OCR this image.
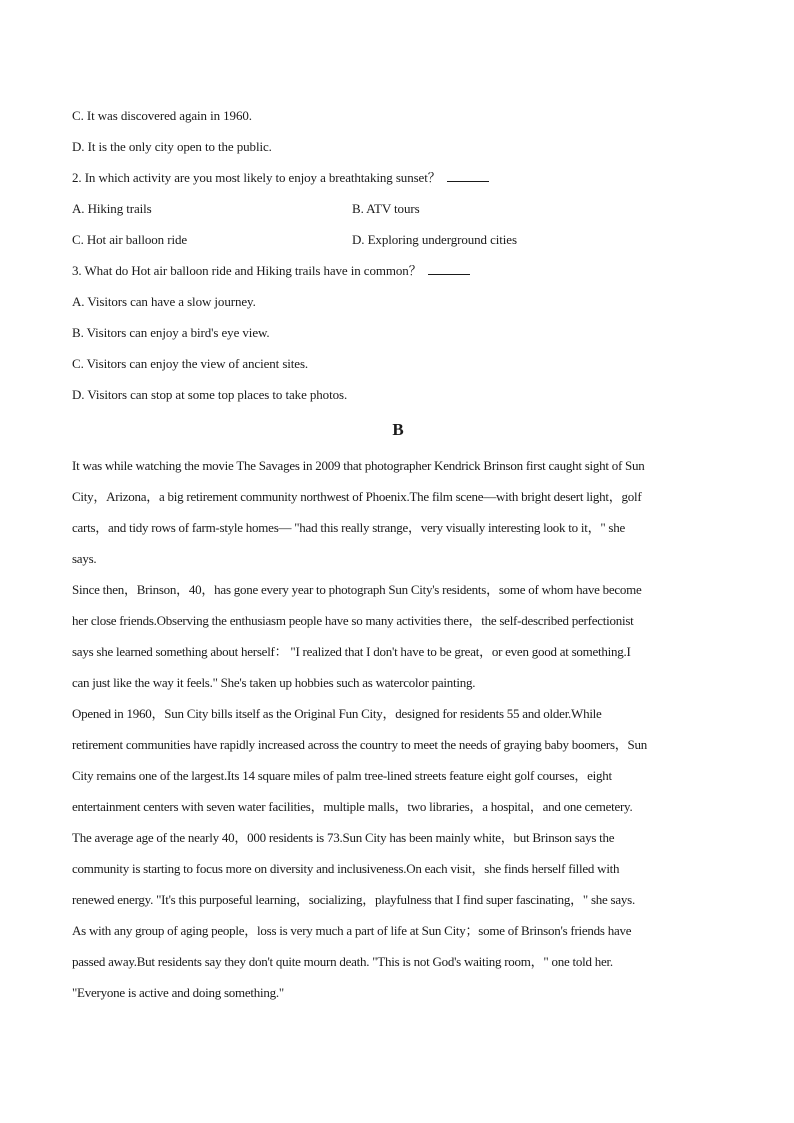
C. It was discovered again in 1960.
D. It is the only city open to the public.
2. In which activity are you most likely to enjoy a breathtaking sunset？
A. Hiking trails	B. ATV tours
C. Hot air balloon ride	D. Exploring underground cities
3. What do Hot air balloon ride and Hiking trails have in common？
A. Visitors can have a slow journey.
B. Visitors can enjoy a bird's eye view.
C. Visitors can enjoy the view of ancient sites.
D. Visitors can stop at some top places to take photos.
B
It was while watching the movie The Savages in 2009 that photographer Kendrick Brinson first caught sight of Sun
City，Arizona，a big retirement community northwest of Phoenix.The film scene—with bright desert light，golf
carts，and tidy rows of farm-style homes— "had this really strange，very visually interesting look to it，" she
says.
Since then，Brinson，40，has gone every year to photograph Sun City's residents，some of whom have become
her close friends.Observing the enthusiasm people have so many activities there，the self-described perfectionist
says she learned something about herself： "I realized that I don't have to be great，or even good at something.I
can just like the way it feels." She's taken up hobbies such as watercolor painting.
Opened in 1960，Sun City bills itself as the Original Fun City，designed for residents 55 and older.While
retirement communities have rapidly increased across the country to meet the needs of graying baby boomers，Sun
City remains one of the largest.Its 14 square miles of palm tree-lined streets feature eight golf courses，eight
entertainment centers with seven water facilities，multiple malls，two libraries，a hospital，and one cemetery.
The average age of the nearly 40，000 residents is 73.Sun City has been mainly white，but Brinson says the
community is starting to focus more on diversity and inclusiveness.On each visit，she finds herself filled with
renewed energy. "It's this purposeful learning，socializing，playfulness that I find super fascinating，" she says.
As with any group of aging people，loss is very much a part of life at Sun City；some of Brinson's friends have
passed away.But residents say they don't quite mourn death. "This is not God's waiting room，" one told her.
"Everyone is active and doing something."
